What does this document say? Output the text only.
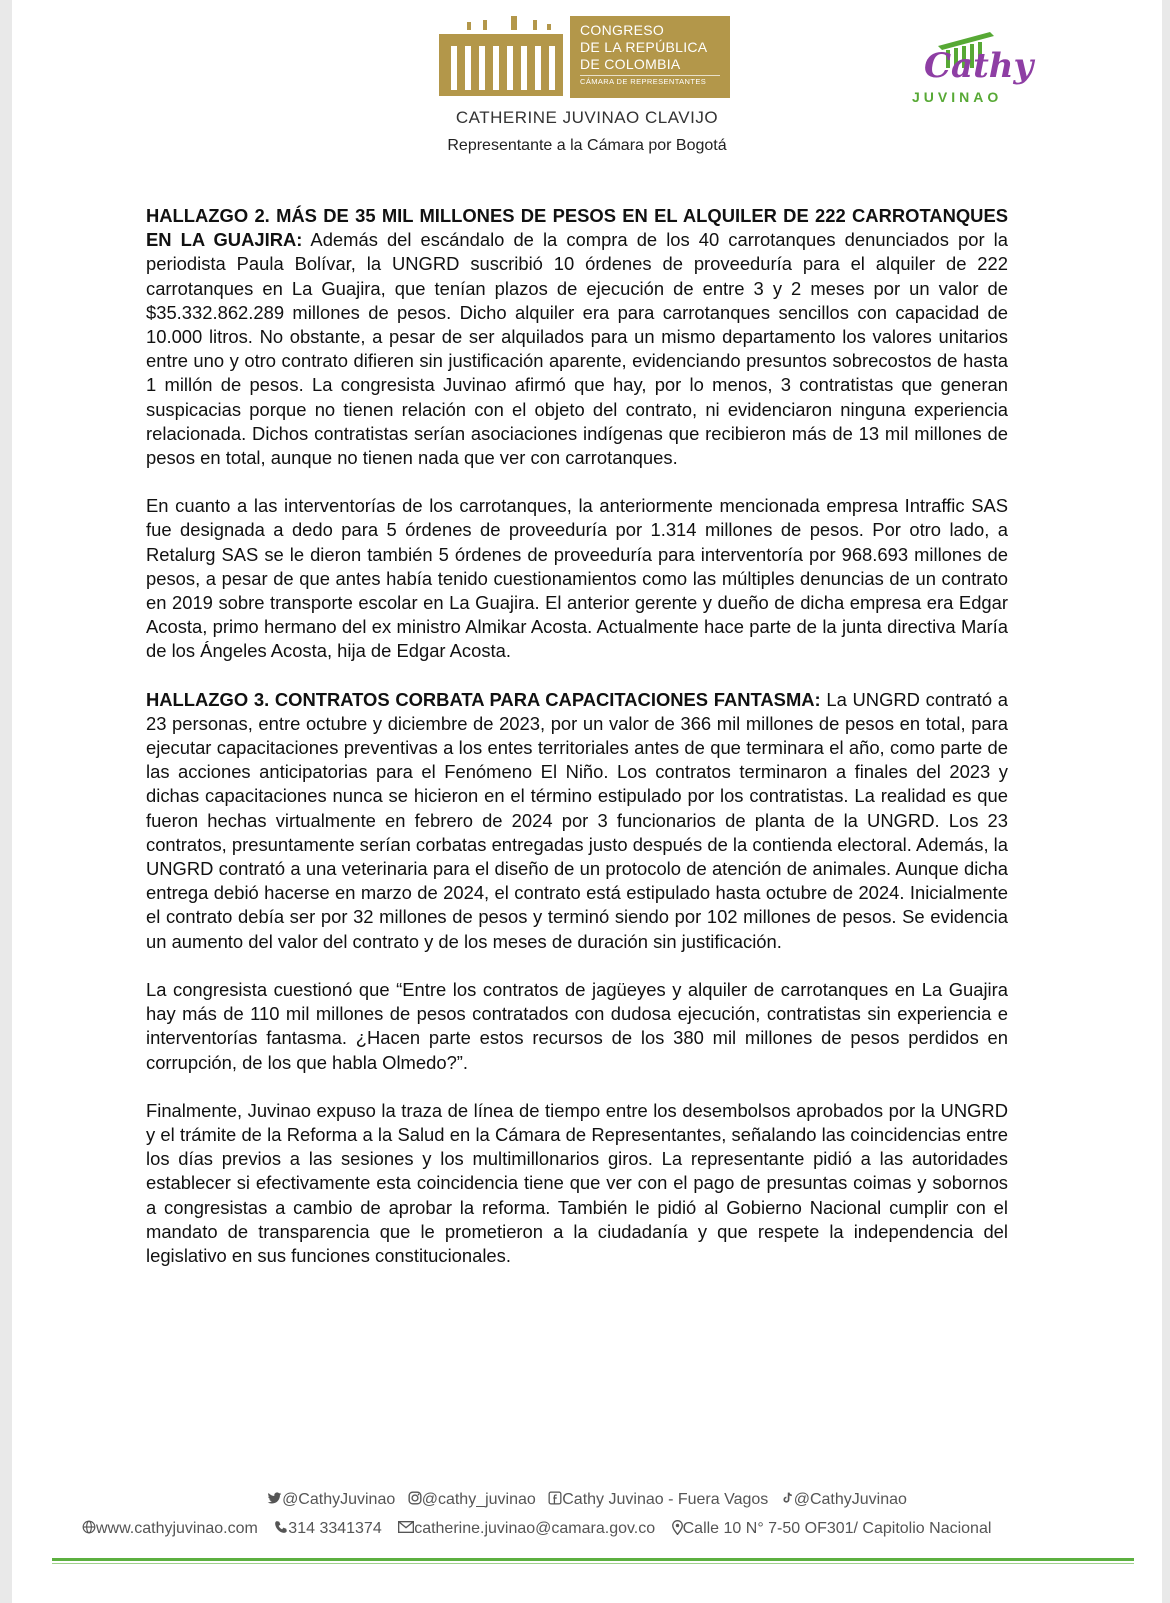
CONGRESO
DE LA REPÚBLICA
DE COLOMBIA
CÁMARA DE REPRESENTANTES
CATHERINE JUVINAO CLAVIJO
Representante a la Cámara por Bogotá
Cathy
JUVINAO

HALLAZGO 2. MÁS DE 35 MIL MILLONES DE PESOS EN EL ALQUILER DE 222 CARROTANQUES EN LA GUAJIRA: Además del escándalo de la compra de los 40 carrotanques denunciados por la periodista Paula Bolívar, la UNGRD suscribió 10 órdenes de proveeduría para el alquiler de 222 carrotanques en La Guajira, que tenían plazos de ejecución de entre 3 y 2 meses por un valor de $35.332.862.289 millones de pesos. Dicho alquiler era para carrotanques sencillos con capacidad de 10.000 litros. No obstante, a pesar de ser alquilados para un mismo departamento los valores unitarios entre uno y otro contrato difieren sin justificación aparente, evidenciando presuntos sobrecostos de hasta 1 millón de pesos. La congresista Juvinao afirmó que hay, por lo menos, 3 contratistas que generan suspicacias porque no tienen relación con el objeto del contrato, ni evidenciaron ninguna experiencia relacionada. Dichos contratistas serían asociaciones indígenas que recibieron más de 13 mil millones de pesos en total, aunque no tienen nada que ver con carrotanques.

En cuanto a las interventorías de los carrotanques, la anteriormente mencionada empresa Intraffic SAS fue designada a dedo para 5 órdenes de proveeduría por 1.314 millones de pesos. Por otro lado, a Retalurg SAS se le dieron también 5 órdenes de proveeduría para interventoría por 968.693 millones de pesos, a pesar de que antes había tenido cuestionamientos como las múltiples denuncias de un contrato en 2019 sobre transporte escolar en La Guajira. El anterior gerente y dueño de dicha empresa era Edgar Acosta, primo hermano del ex ministro Almikar Acosta. Actualmente hace parte de la junta directiva María de los Ángeles Acosta, hija de Edgar Acosta.

HALLAZGO 3. CONTRATOS CORBATA PARA CAPACITACIONES FANTASMA: La UNGRD contrató a 23 personas, entre octubre y diciembre de 2023, por un valor de 366 mil millones de pesos en total, para ejecutar capacitaciones preventivas a los entes territoriales antes de que terminara el año, como parte de las acciones anticipatorias para el Fenómeno El Niño. Los contratos terminaron a finales del 2023 y dichas capacitaciones nunca se hicieron en el término estipulado por los contratistas. La realidad es que fueron hechas virtualmente en febrero de 2024 por 3 funcionarios de planta de la UNGRD. Los 23 contratos, presuntamente serían corbatas entregadas justo después de la contienda electoral. Además, la UNGRD contrató a una veterinaria para el diseño de un protocolo de atención de animales. Aunque dicha entrega debió hacerse en marzo de 2024, el contrato está estipulado hasta octubre de 2024. Inicialmente el contrato debía ser por 32 millones de pesos y terminó siendo por 102 millones de pesos. Se evidencia un aumento del valor del contrato y de los meses de duración sin justificación.

La congresista cuestionó que “Entre los contratos de jagüeyes y alquiler de carrotanques en La Guajira hay más de 110 mil millones de pesos contratados con dudosa ejecución, contratistas sin experiencia e interventorías fantasma. ¿Hacen parte estos recursos de los 380 mil millones de pesos perdidos en corrupción, de los que habla Olmedo?”.

Finalmente, Juvinao expuso la traza de línea de tiempo entre los desembolsos aprobados por la UNGRD y el trámite de la Reforma a la Salud en la Cámara de Representantes, señalando las coincidencias entre los días previos a las sesiones y los multimillonarios giros. La representante pidió a las autoridades establecer si efectivamente esta coincidencia tiene que ver con el pago de presuntas coimas y sobornos a congresistas a cambio de aprobar la reforma. También le pidió al Gobierno Nacional cumplir con el mandato de transparencia que le prometieron a la ciudadanía y que respete la independencia del legislativo en sus funciones constitucionales.

@CathyJuvinao @cathy_juvinao Cathy Juvinao - Fuera Vagos @CathyJuvinao
www.cathyjuvinao.com 314 3341374 catherine.juvinao@camara.gov.co Calle 10 N° 7-50 OF301/ Capitolio Nacional
